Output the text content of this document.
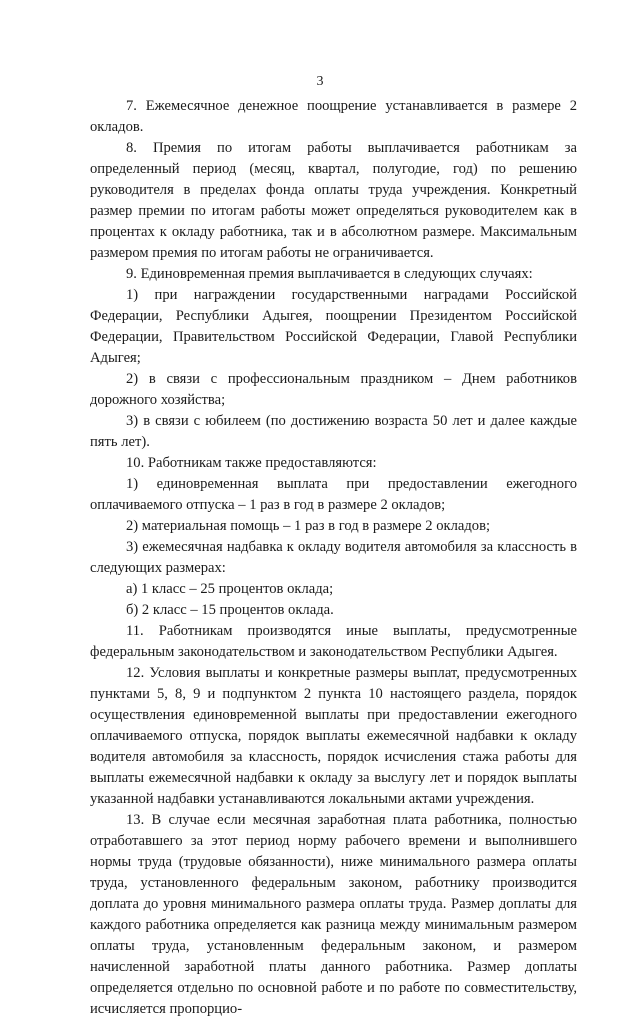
3

7. Ежемесячное денежное поощрение устанавливается в размере 2 окладов.

8. Премия по итогам работы выплачивается работникам за определенный период (месяц, квартал, полугодие, год) по решению руководителя в пределах фонда оплаты труда учреждения. Конкретный размер премии по итогам работы может определяться руководителем как в процентах к окладу работника, так и в абсолютном размере. Максимальным размером премия по итогам работы не ограничивается.

9. Единовременная премия выплачивается в следующих случаях:

1) при награждении государственными наградами Российской Федерации, Республики Адыгея, поощрении Президентом Российской Федерации, Правительством Российской Федерации, Главой Республики Адыгея;

2) в связи с профессиональным праздником – Днем работников дорожного хозяйства;

3) в связи с юбилеем (по достижению возраста 50 лет и далее каждые пять лет).

10. Работникам также предоставляются:

1) единовременная выплата при предоставлении ежегодного оплачиваемого отпуска – 1 раз в год в размере 2 окладов;

2) материальная помощь – 1 раз в год в размере 2 окладов;

3) ежемесячная надбавка к окладу водителя автомобиля за классность в следующих размерах:

а) 1 класс – 25 процентов оклада;

б) 2 класс – 15 процентов оклада.

11. Работникам производятся иные выплаты, предусмотренные федеральным законодательством и законодательством Республики Адыгея.

12. Условия выплаты и конкретные размеры выплат, предусмотренных пунктами 5, 8, 9 и подпунктом 2 пункта 10 настоящего раздела, порядок осуществления единовременной выплаты при предоставлении ежегодного оплачиваемого отпуска, порядок выплаты ежемесячной надбавки к окладу водителя автомобиля за классность, порядок исчисления стажа работы для выплаты ежемесячной надбавки к окладу за выслугу лет и порядок выплаты указанной надбавки устанавливаются локальными актами учреждения.

13. В случае если месячная заработная плата работника, полностью отработавшего за этот период норму рабочего времени и выполнившего нормы труда (трудовые обязанности), ниже минимального размера оплаты труда, установленного федеральным законом, работнику производится доплата до уровня минимального размера оплаты труда. Размер доплаты для каждого работника определяется как разница между минимальным размером оплаты труда, установленным федеральным законом, и размером начисленной заработной платы данного работника. Размер доплаты определяется отдельно по основной работе и по работе по совместительству, исчисляется пропорцио-
